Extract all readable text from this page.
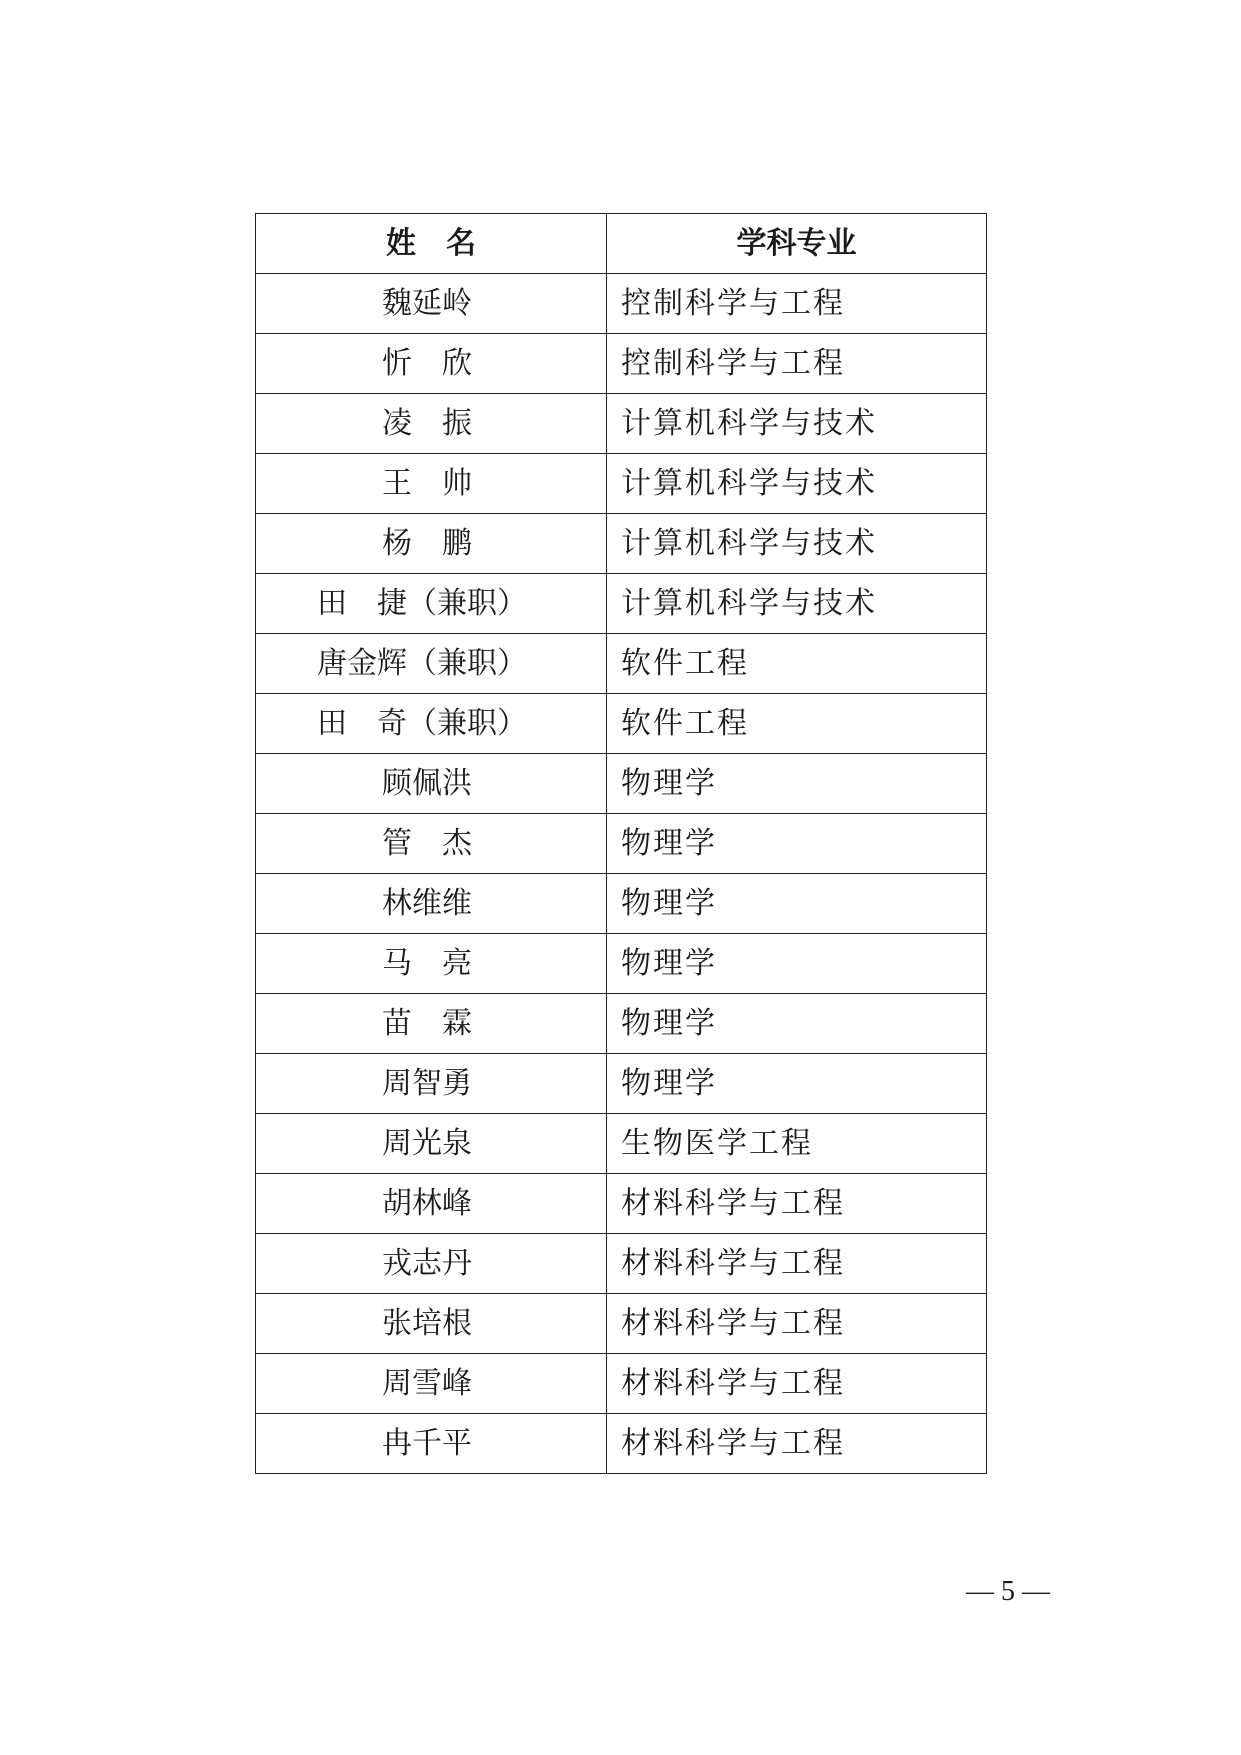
姓　名	学科专业
魏延岭	控制科学与工程
忻　欣	控制科学与工程
凌　振	计算机科学与技术
王　帅	计算机科学与技术
杨　鹏	计算机科学与技术
田　捷（兼职）	计算机科学与技术
唐金辉（兼职）	软件工程
田　奇（兼职）	软件工程
顾佩洪	物理学
管　杰	物理学
林维维	物理学
马　亮	物理学
苗　霖	物理学
周智勇	物理学
周光泉	生物医学工程
胡林峰	材料科学与工程
戎志丹	材料科学与工程
张培根	材料科学与工程
周雪峰	材料科学与工程
冉千平	材料科学与工程
— 5 —
